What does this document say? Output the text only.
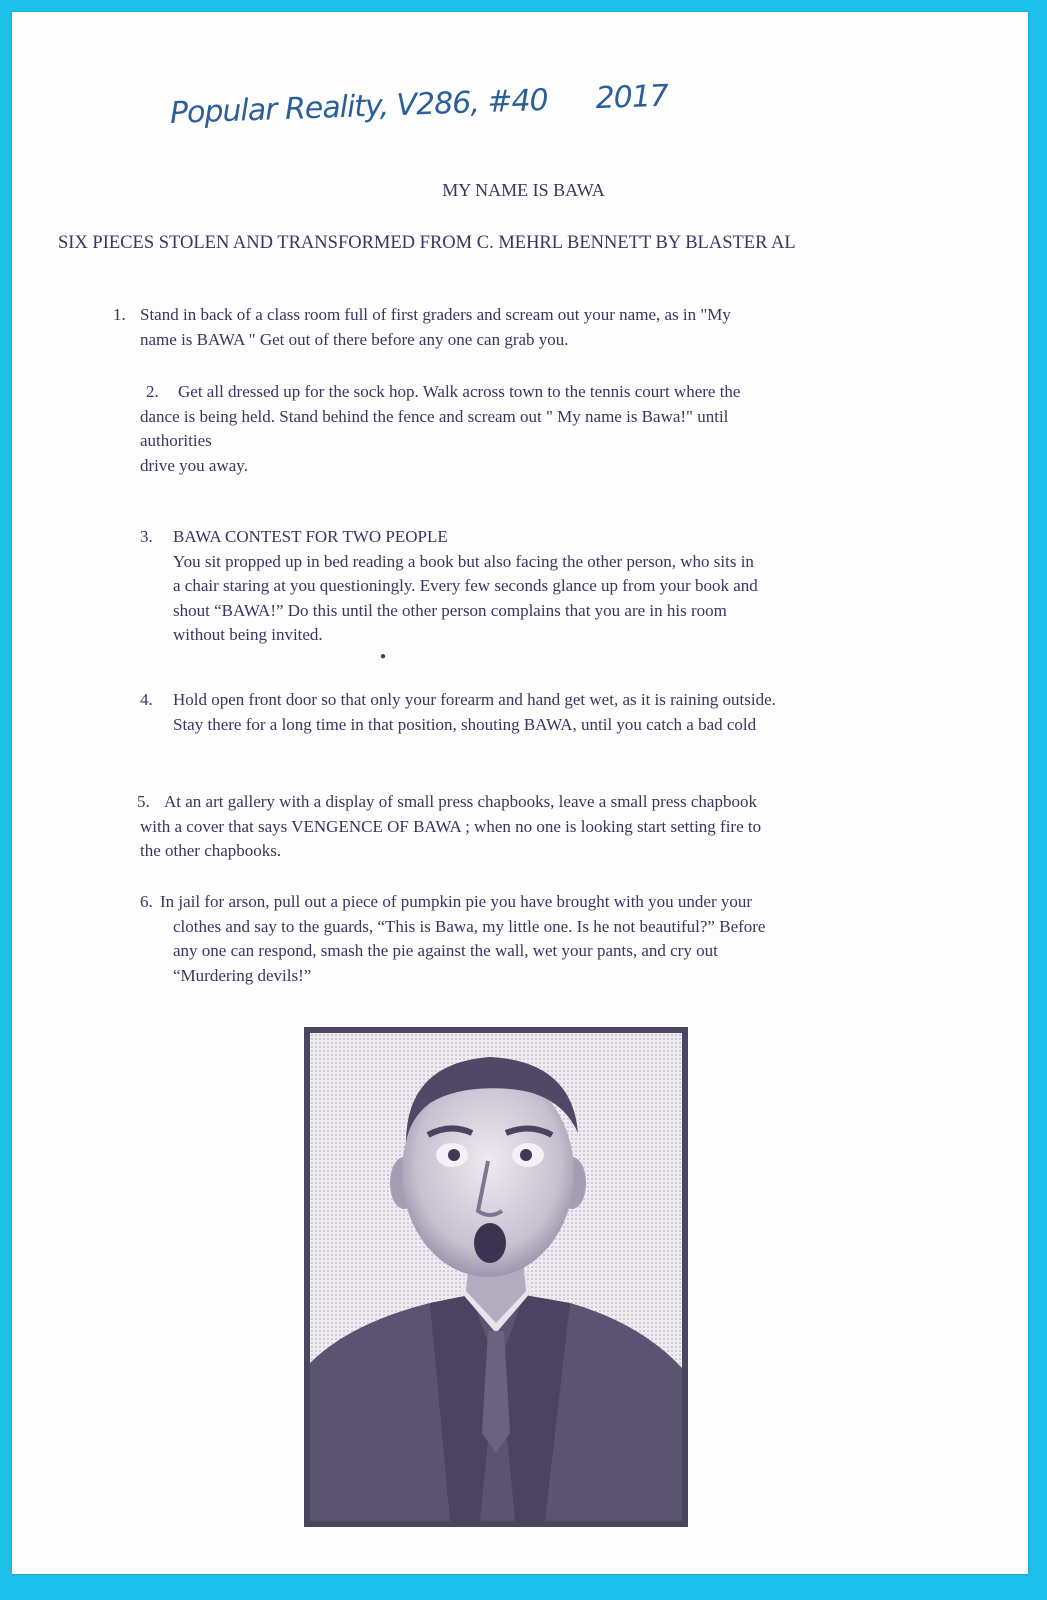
Popular Reality, V286, #40 2017
MY NAME IS BAWA
SIX PIECES STOLEN AND TRANSFORMED FROM C. MEHRL BENNETT BY BLASTER AL
1. Stand in back of a class room full of first graders and scream out your name, as in "My
name is BAWA " Get out of there before any one can grab you.
2.	Get all dressed up for the sock hop. Walk across town to the tennis court where the
dance is being held. Stand behind the fence and scream out " My name is Bawa!" until
authorities
drive you away.
3. BAWA CONTEST FOR TWO PEOPLE
You sit propped up in bed reading a book but also facing the other person, who sits in
a chair staring at you questioningly. Every few seconds glance up from your book and
shout “BAWA!” Do this until the other person complains that you are in his room
without being invited.
●
4. Hold open front door so that only your forearm and hand get wet, as it is raining outside.
Stay there for a long time in that position, shouting BAWA, until you catch a bad cold
5. At an art gallery with a display of small press chapbooks, leave a small press chapbook
with a cover that says VENGENCE OF BAWA ; when no one is looking start setting fire to
the other chapbooks.
6. In jail for arson, pull out a piece of pumpkin pie you have brought with you under your
clothes and say to the guards, “This is Bawa, my little one. Is he not beautiful?” Before
any one can respond, smash the pie against the wall, wet your pants, and cry out
“Murdering devils!”
